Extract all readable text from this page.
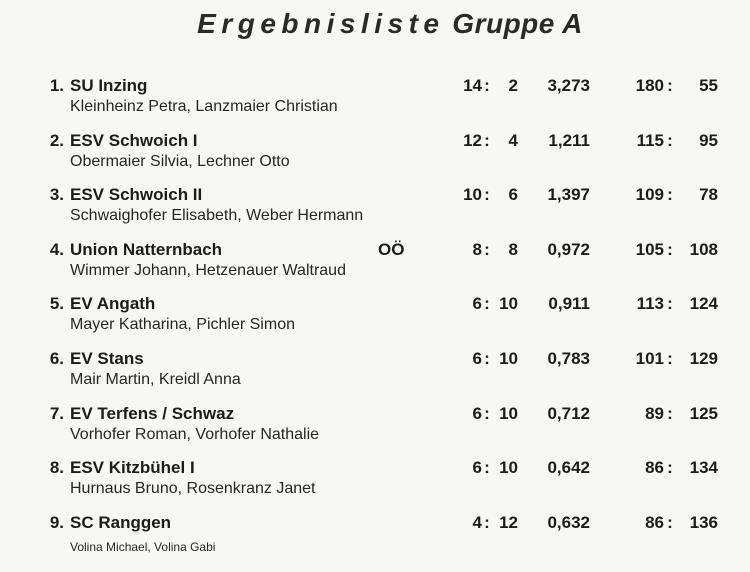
Ergebnisliste Gruppe A
1. SU Inzing	14 :	2	3,273	180 :	55
Kleinheinz Petra, Lanzmaier Christian
2. ESV Schwoich I	12 :	4	1,211	115 :	95
Obermaier Silvia, Lechner Otto
3. ESV Schwoich II	10 :	6	1,397	109 :	78
Schwaighofer Elisabeth, Weber Hermann
4. Union Natternbach	OÖ	8 :	8	0,972	105 : 108
Wimmer Johann, Hetzenauer Waltraud
5. EV Angath	6 : 10	0,911	113 : 124
Mayer Katharina, Pichler Simon
6. EV Stans	6 : 10	0,783	101 : 129
Mair Martin, Kreidl Anna
7. EV Terfens / Schwaz	6 : 10	0,712	89 : 125
Vorhofer Roman, Vorhofer Nathalie
8. ESV Kitzbühel I	6 : 10	0,642	86 : 134
Hurnaus Bruno, Rosenkranz Janet
9. SC Ranggen	4 : 12	0,632	86 : 136
Volina Michael, Volina Gabi
